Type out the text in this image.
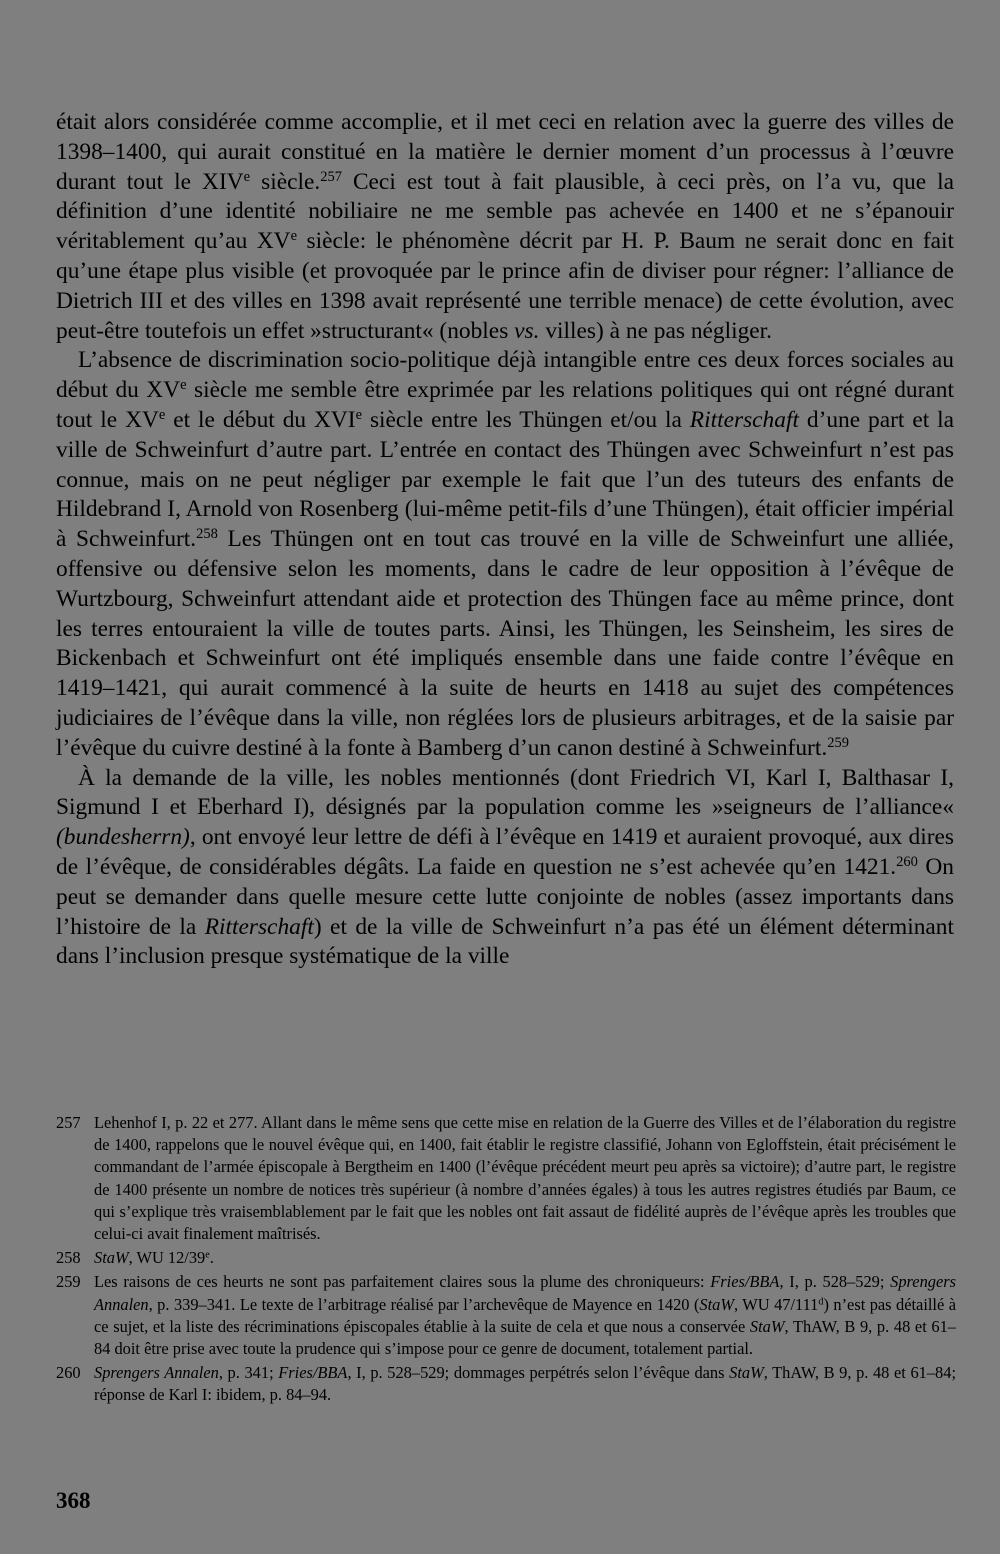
était alors considérée comme accomplie, et il met ceci en relation avec la guerre des villes de 1398–1400, qui aurait constitué en la matière le dernier moment d’un processus à l’œuvre durant tout le XIVe siècle.$^{257}$ Ceci est tout à fait plausible, à ceci près, on l’a vu, que la définition d’une identité nobiliaire ne me semble pas achevée en 1400 et ne s’épanouir véritablement qu’au XVe siècle: le phénomène décrit par H. P. Baum ne serait donc en fait qu’une étape plus visible (et provoquée par le prince afin de diviser pour régner: l’alliance de Dietrich III et des villes en 1398 avait représenté une terrible menace) de cette évolution, avec peut-être toutefois un effet »structurant« (nobles vs. villes) à ne pas négliger.

L’absence de discrimination socio-politique déjà intangible entre ces deux forces sociales au début du XVe siècle me semble être exprimée par les relations politiques qui ont régné durant tout le XVe et le début du XVIe siècle entre les Thüngen et/ou la Ritterschaft d’une part et la ville de Schweinfurt d’autre part. L’entrée en contact des Thüngen avec Schweinfurt n’est pas connue, mais on ne peut négliger par exemple le fait que l’un des tuteurs des enfants de Hildebrand I, Arnold von Rosenberg (lui-même petit-fils d’une Thüngen), était officier impérial à Schweinfurt.$^{258}$ Les Thüngen ont en tout cas trouvé en la ville de Schweinfurt une alliée, offensive ou défensive selon les moments, dans le cadre de leur opposition à l’évêque de Wurtzbourg, Schweinfurt attendant aide et protection des Thüngen face au même prince, dont les terres entouraient la ville de toutes parts. Ainsi, les Thüngen, les Seinsheim, les sires de Bickenbach et Schweinfurt ont été impliqués ensemble dans une faide contre l’évêque en 1419–1421, qui aurait commencé à la suite de heurts en 1418 au sujet des compétences judiciaires de l’évêque dans la ville, non réglées lors de plusieurs arbitrages, et de la saisie par l’évêque du cuivre destiné à la fonte à Bamberg d’un canon destiné à Schweinfurt.$^{259}$

À la demande de la ville, les nobles mentionnés (dont Friedrich VI, Karl I, Balthasar I, Sigmund I et Eberhard I), désignés par la population comme les »seigneurs de l’alliance« (bundesherrn), ont envoyé leur lettre de défi à l’évêque en 1419 et auraient provoqué, aux dires de l’évêque, de considérables dégâts. La faide en question ne s’est achevée qu’en 1421.$^{260}$ On peut se demander dans quelle mesure cette lutte conjointe de nobles (assez importants dans l’histoire de la Ritterschaft) et de la ville de Schweinfurt n’a pas été un élément déterminant dans l’inclusion presque systématique de la ville

257 Lehenhof I, p. 22 et 277. Allant dans le même sens que cette mise en relation de la Guerre des Villes et de l’élaboration du registre de 1400, rappelons que le nouvel évêque qui, en 1400, fait établir le registre classifié, Johann von Egloffstein, était précisément le commandant de l’armée épiscopale à Bergtheim en 1400 (l’évêque précédent meurt peu après sa victoire); d’autre part, le registre de 1400 présente un nombre de notices très supérieur (à nombre d’années égales) à tous les autres registres étudiés par Baum, ce qui s’explique très vraisemblablement par le fait que les nobles ont fait assaut de fidélité auprès de l’évêque après les troubles que celui-ci avait finalement maîtrisés.
258 StaW, WU 12/39e.
259 Les raisons de ces heurts ne sont pas parfaitement claires sous la plume des chroniqueurs: Fries/BBA, I, p. 528–529; Sprengers Annalen, p. 339–341. Le texte de l’arbitrage réalisé par l’archevêque de Mayence en 1420 (StaW, WU 47/111$^d$) n’est pas détaillé à ce sujet, et la liste des récriminations épiscopales établie à la suite de cela et que nous a conservée StaW, ThAW, B 9, p. 48 et 61–84 doit être prise avec toute la prudence qui s’impose pour ce genre de document, totalement partial.
260 Sprengers Annalen, p. 341; Fries/BBA, I, p. 528–529; dommages perpétrés selon l’évêque dans StaW, ThAW, B 9, p. 48 et 61–84; réponse de Karl I: ibidem, p. 84–94.
368
